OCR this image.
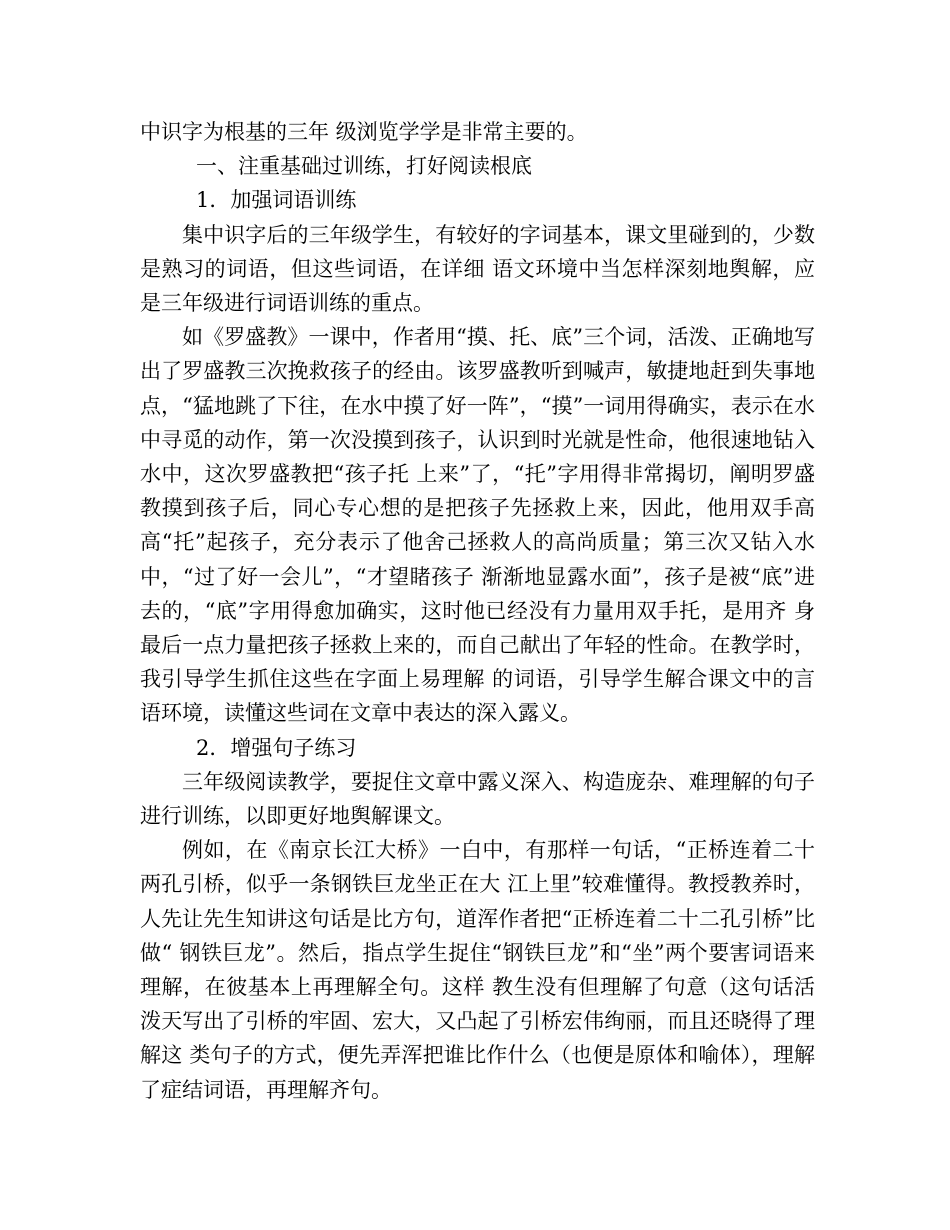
中识字为根基的三年 级浏览学学是非常主要的。

一、注重基础过训练，打好阅读根底

1．加强词语训练

集中识字后的三年级学生，有较好的字词基本，课文里碰到的，少数是熟习的词语，但这些词语，在详细 语文环境中当怎样深刻地舆解，应是三年级进行词语训练的重点。

如《罗盛教》一课中，作者用“摸、托、底”三个词，活泼、正确地写出了罗盛教三次挽救孩子的经由。该罗盛教听到喊声，敏捷地赶到失事地点，“猛地跳了下往，在水中摸了好一阵”，“摸”一词用得确实，表示在水中寻觅的动作，第一次没摸到孩子，认识到时光就是性命，他很速地钻入水中，这次罗盛教把“孩子托 上来”了，“托”字用得非常揭切，阐明罗盛教摸到孩子后，同心专心想的是把孩子先拯救上来，因此，他用双手高 高“托”起孩子，充分表示了他舍己拯救人的高尚质量；第三次又钻入水中，“过了好一会儿”，“才望睹孩子 渐渐地显露水面”，孩子是被“底”进去的，“底”字用得愈加确实，这时他已经没有力量用双手托，是用齐 身最后一点力量把孩子拯救上来的，而自己献出了年轻的性命。在教学时，我引导学生抓住这些在字面上易理解 的词语，引导学生解合课文中的言语环境，读懂这些词在文章中表达的深入露义。

2．增强句子练习

三年级阅读教学，要捉住文章中露义深入、构造庞杂、难理解的句子进行训练，以即更好地舆解课文。

例如，在《南京长江大桥》一白中，有那样一句话，“正桥连着二十两孔引桥，似乎一条钢铁巨龙坐正在大 江上里”较难懂得。教授教养时，人先让先生知讲这句话是比方句，道浑作者把“正桥连着二十二孔引桥”比做“ 钢铁巨龙”。然后，指点学生捉住“钢铁巨龙”和“坐”两个要害词语来理解，在彼基本上再理解全句。这样 教生没有但理解了句意（这句话活泼天写出了引桥的牢固、宏大，又凸起了引桥宏伟绚丽，而且还晓得了理解这 类句子的方式，便先弄浑把谁比作什么（也便是原体和喻体），理解了症结词语，再理解齐句。
